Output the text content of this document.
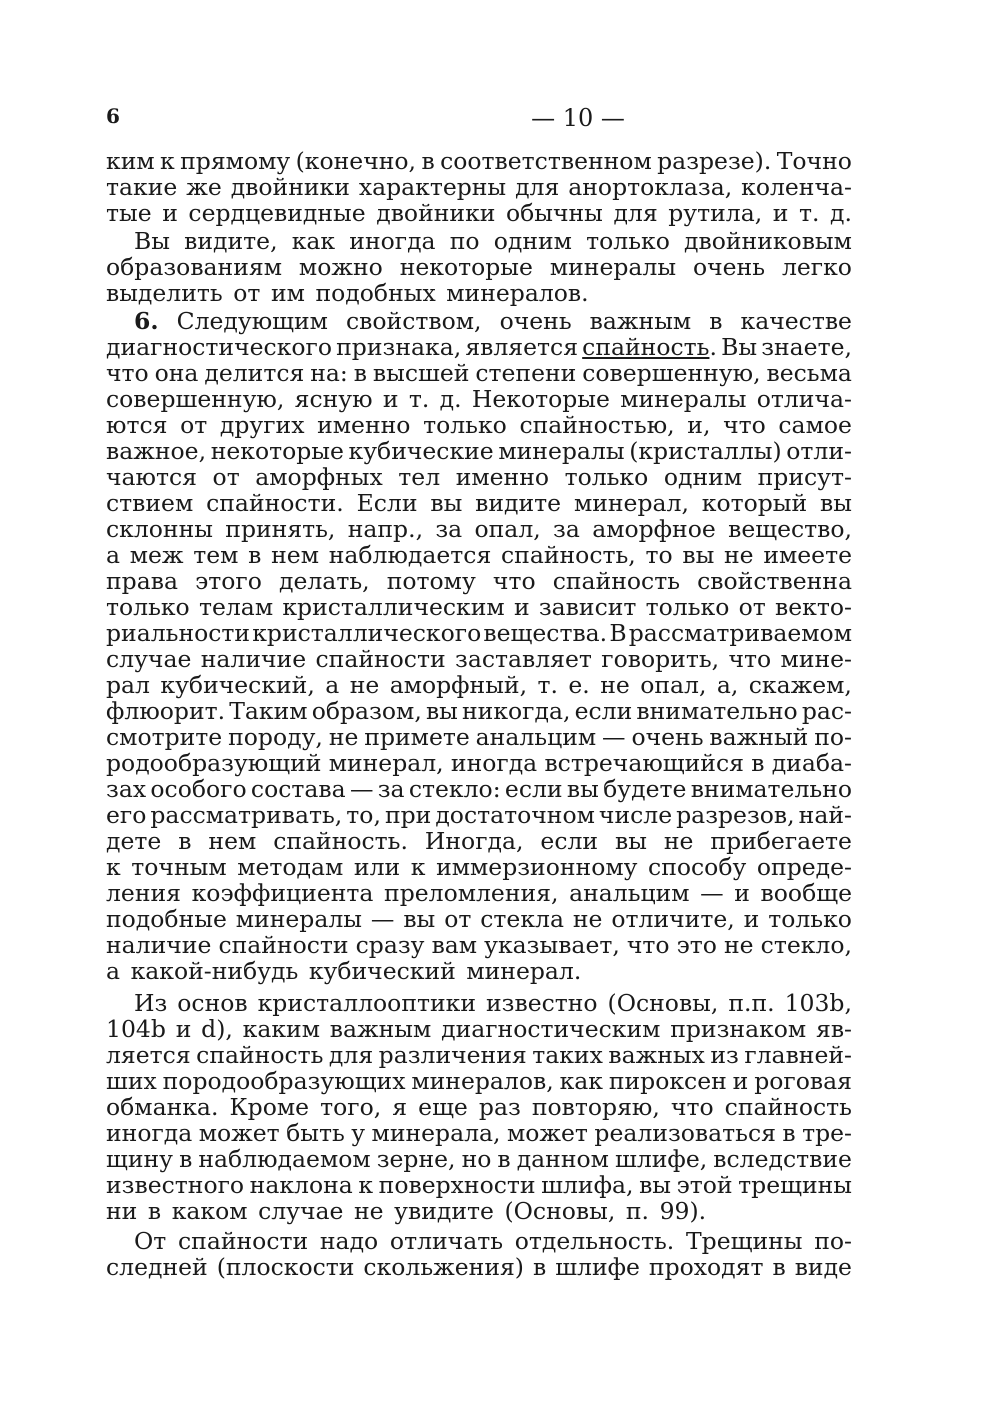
6	— 10 —
ким к прямому (конечно, в соответственном разрезе). Точно
такие же двойники характерны для анортоклаза, коленча-
тые и сердцевидные двойники обычны для рутила, и т. д.
Вы видите, как иногда по одним только двойниковым
образованиям можно некоторые минералы очень легко
выделить от им подобных минералов.
6. Следующим свойством, очень важным в качестве
диагностического признака, является спайность. Вы знаете,
что она делится на: в высшей степени совершенную, весьма
совершенную, ясную и т. д. Некоторые минералы отлича-
ются от других именно только спайностью, и, что самое
важное, некоторые кубические минералы (кристаллы) отли-
чаются от аморфных тел именно только одним присут-
ствием спайности. Если вы видите минерал, который вы
склонны принять, напр., за опал, за аморфное вещество,
а меж тем в нем наблюдается спайность, то вы не имеете
права этого делать, потому что спайность свойственна
только телам кристаллическим и зависит только от векто-
риальности кристаллического вещества. В рассматриваемом
случае наличие спайности заставляет говорить, что мине-
рал кубический, а не аморфный, т. е. не опал, а, скажем,
флюорит. Таким образом, вы никогда, если внимательно рас-
смотрите породу, не примете анальцим — очень важный по-
родообразующий минерал, иногда встречающийся в диаба-
зах особого состава — за стекло: если вы будете внимательно
его рассматривать, то, при достаточном числе разрезов, най-
дете в нем спайность. Иногда, если вы не прибегаете
к точным методам или к иммерзионному способу опреде-
ления коэффициента преломления, анальцим — и вообще
подобные минералы — вы от стекла не отличите, и только
наличие спайности сразу вам указывает, что это не стекло,
а какой-нибудь кубический минерал.
Из основ кристаллооптики известно (Основы, п.п. 103b,
104b и d), каким важным диагностическим признаком яв-
ляется спайность для различения таких важных из главней-
ших породообразующих минералов, как пироксен и роговая
обманка. Кроме того, я еще раз повторяю, что спайность
иногда может быть у минерала, может реализоваться в тре-
щину в наблюдаемом зерне, но в данном шлифе, вследствие
известного наклона к поверхности шлифа, вы этой трещины
ни в каком случае не увидите (Основы, п. 99).
От спайности надо отличать отдельность. Трещины по-
следней (плоскости скольжения) в шлифе проходят в виде
